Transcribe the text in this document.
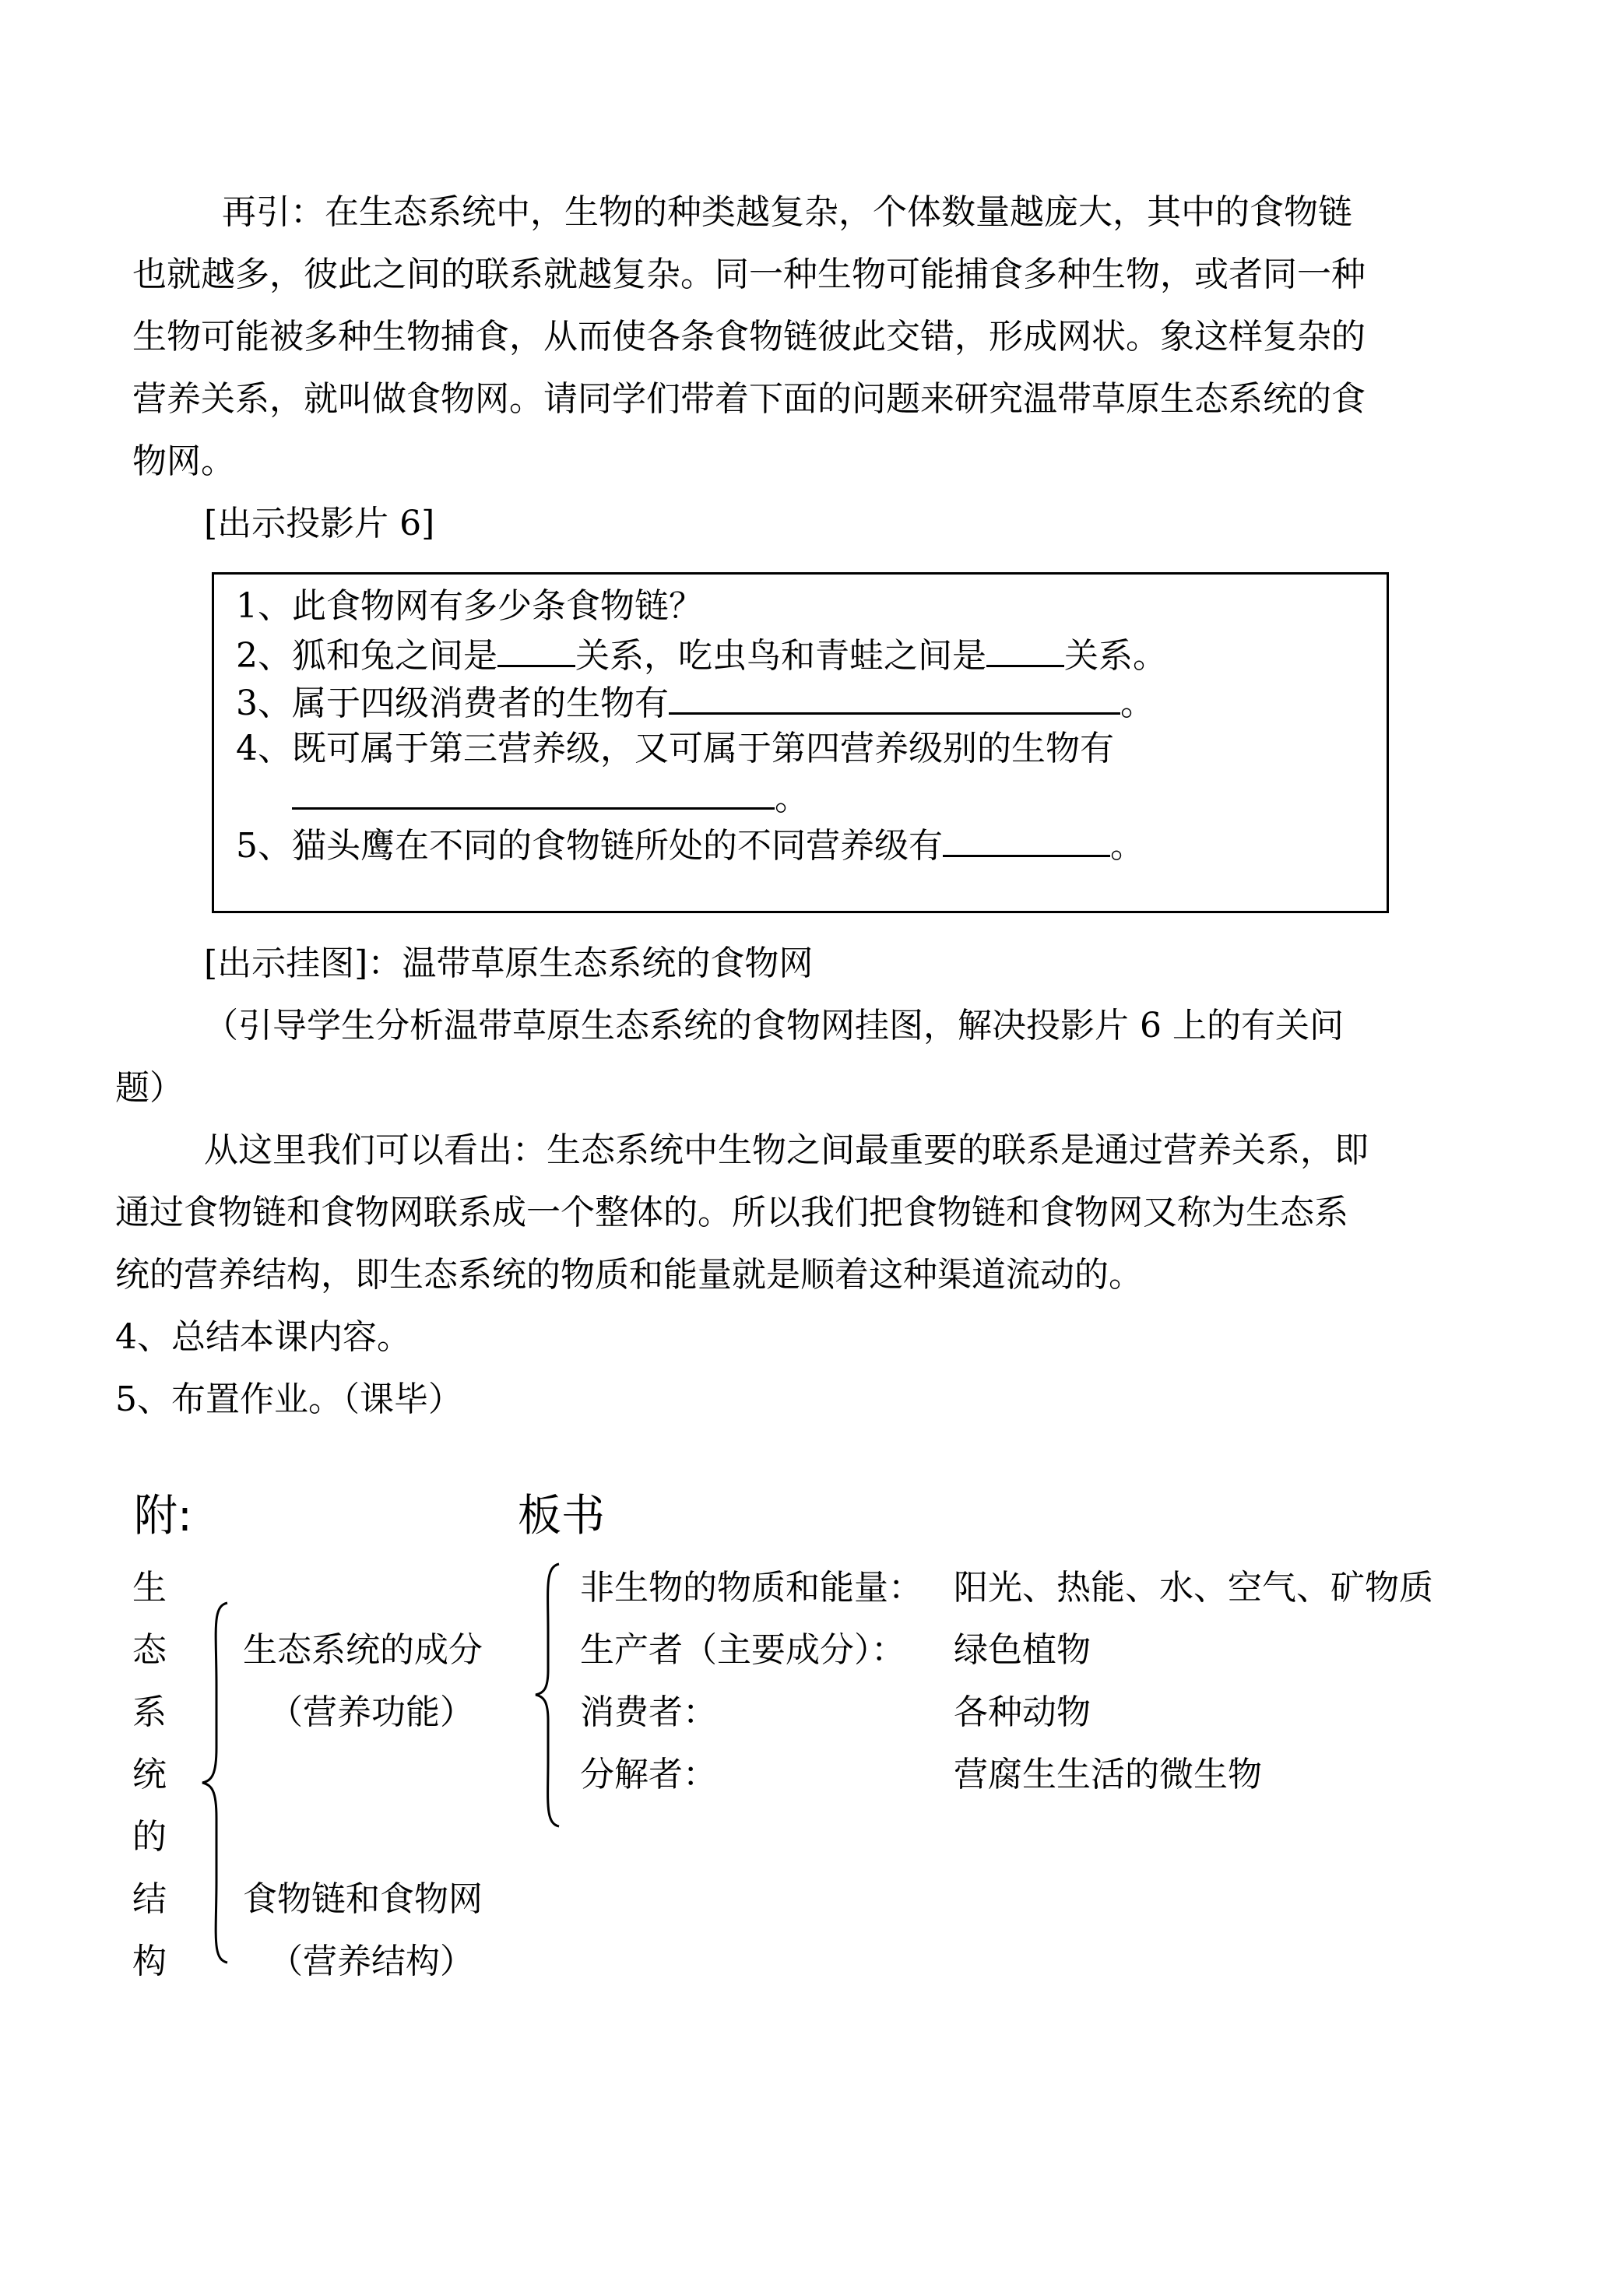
再引：在生态系统中，生物的种类越复杂，个体数量越庞大，其中的食物链
也就越多，彼此之间的联系就越复杂。同一种生物可能捕食多种生物，或者同一种
生物可能被多种生物捕食，从而使各条食物链彼此交错，形成网状。象这样复杂的
营养关系，就叫做食物网。请同学们带着下面的问题来研究温带草原生态系统的食
物网。
[出示投影片 6]
1、此食物网有多少条食物链？
2、狐和兔之间是 关系，吃虫鸟和青蛙之间是 关系。
3、属于四级消费者的生物有	。
4、既可属于第三营养级，又可属于第四营养级别的生物有
。
5、猫头鹰在不同的食物链所处的不同营养级有	。
[出示挂图]：温带草原生态系统的食物网
（引导学生分析温带草原生态系统的食物网挂图，解决投影片 6 上的有关问
题）
从这里我们可以看出：生态系统中生物之间最重要的联系是通过营养关系，即
通过食物链和食物网联系成一个整体的。所以我们把食物链和食物网又称为生态系
统的营养结构，即生态系统的物质和能量就是顺着这种渠道流动的。
4、总结本课内容。
5、布置作业。（课毕）
附:	板书
生
态
系
统
的
结
构
生态系统的成分
（营养功能）
食物链和食物网
（营养结构）
非生物的物质和能量： 阳光、热能、水、空气、矿物质
生产者（主要成分）： 绿色植物
消费者：	各种动物
分解者：	营腐生生活的微生物
